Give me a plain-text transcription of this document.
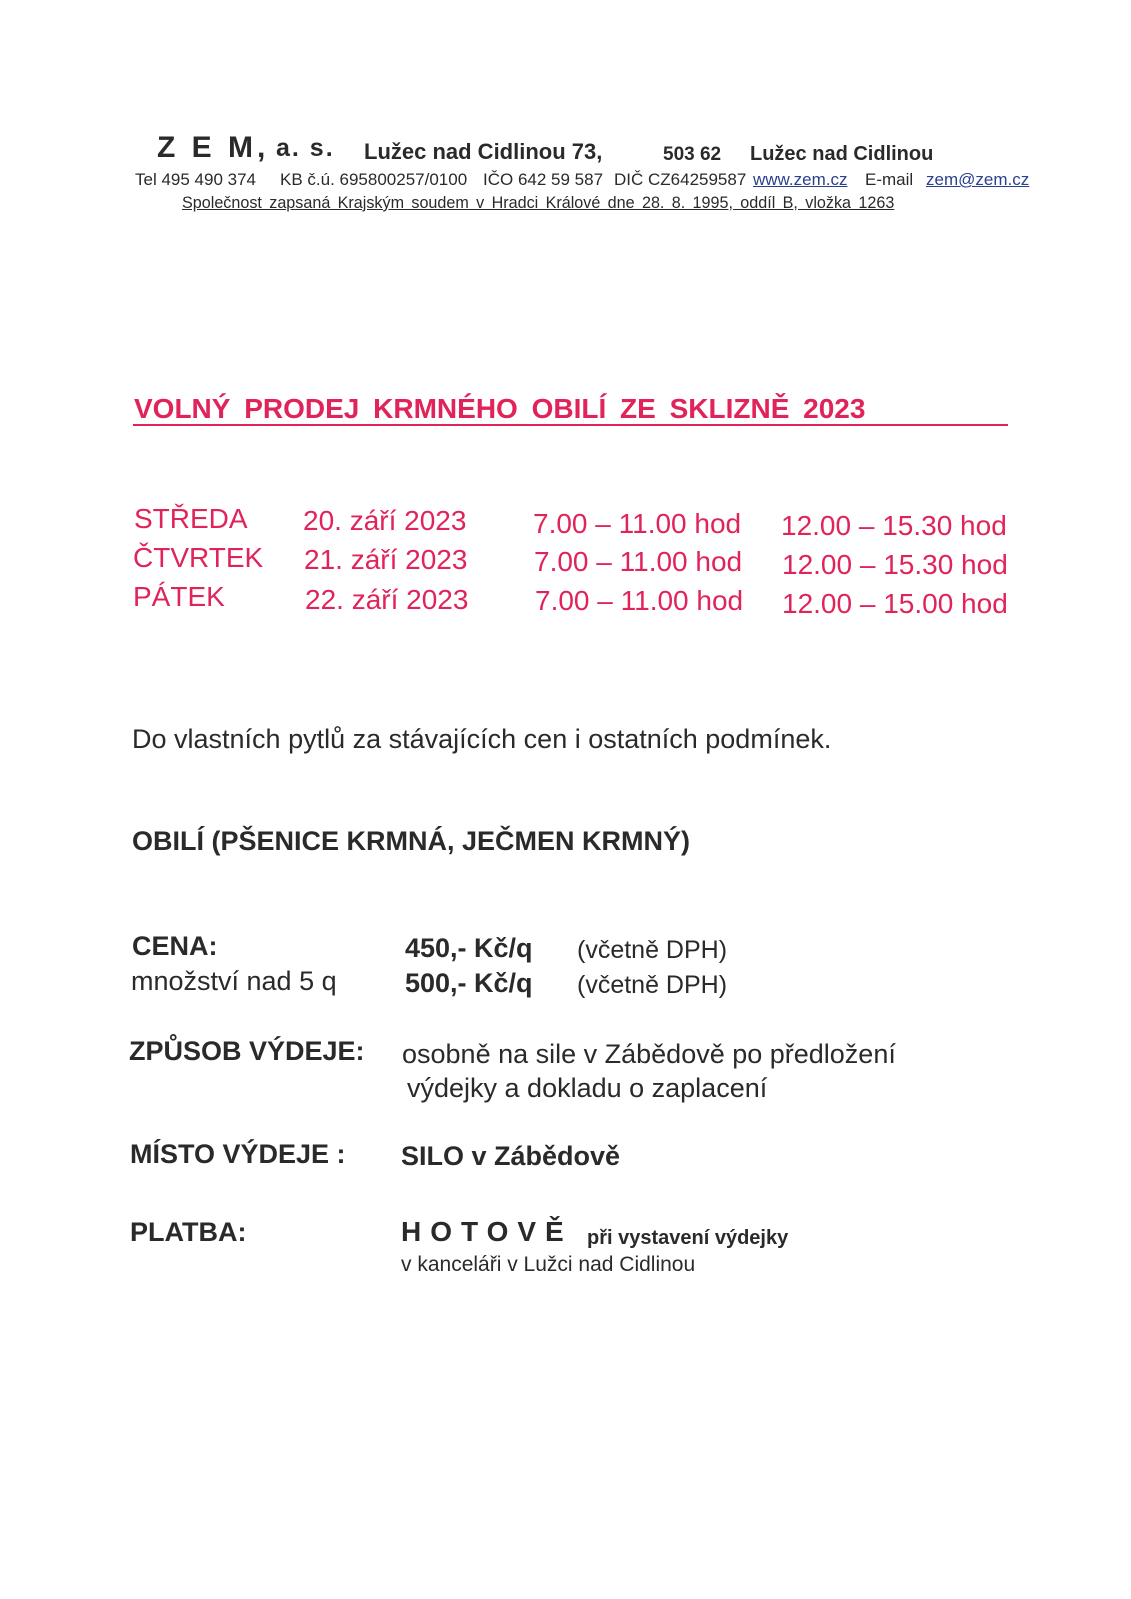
Z E M, a. s. Lužec nad Cidlinou 73,	503 62 Lužec nad Cidlinou
Tel 495 490 374 KB č.ú. 695800257/0100 IČO 642 59 587 DIČ CZ64259587 www.zem.cz E-mail zem@zem.cz
Společnost zapsaná Krajským soudem v Hradci Králové dne 28. 8. 1995, oddíl B, vložka 1263
VOLNÝ PRODEJ KRMNÉHO OBILÍ ZE SKLIZNĚ 2023
STŘEDA 20. září 2023 7.00 – 11.00 hod 12.00 – 15.30 hod
ČTVRTEK 21. září 2023 7.00 – 11.00 hod 12.00 – 15.30 hod
PÁTEK	22. září 2023 7.00 – 11.00 hod 12.00 – 15.00 hod
Do vlastních pytlů za stávajících cen i ostatních podmínek.
OBILÍ (PŠENICE KRMNÁ, JEČMEN KRMNÝ)
CENA:	450,- Kč/q (včetně DPH)
množství nad 5 q	500,- Kč/q (včetně DPH)
ZPŮSOB VÝDEJE: osobně na sile v Zábědově po předložení
výdejky a dokladu o zaplacení
MÍSTO VÝDEJE : SILO v Zábědově
PLATBA:	HOTOVĚ při vystavení výdejky
v kanceláři v Lužci nad Cidlinou
